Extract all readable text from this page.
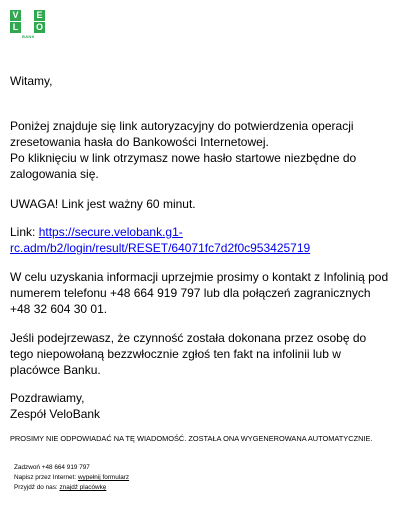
V E
L	O
BANK

Witamy,

Poniżej znajduje się link autoryzacyjny do potwierdzenia operacji

zresetowania hasła do Bankowości Internetowej.

Po kliknięciu w link otrzymasz nowe hasło startowe niezbędne do

zalogowania się.

UWAGA! Link jest ważny 60 minut.

Link: https://secure.velobank.g1-

rc.adm/b2/login/result/RESET/64071fc7d2f0c953425719

W celu uzyskania informacji uprzejmie prosimy o kontakt z Infolinią pod

numerem telefonu +48 664 919 797 lub dla połączeń zagranicznych

+48 32 604 30 01.

Jeśli podejrzewasz, że czynność została dokonana przez osobę do

tego niepowołaną bezzwłocznie zgłoś ten fakt na infolinii lub w

placówce Banku.

Pozdrawiamy,

Zespół VeloBank

PROSIMY NIE ODPOWIADAĆ NA TĘ WIADOMOŚĆ. ZOSTAŁA ONA WYGENEROWANA AUTOMATYCZNIE.
Zadzwoń +48 664 919 797
Napisz przez Internet: wypełnij formularz
Przyjdź do nas: znajdź placówkę
